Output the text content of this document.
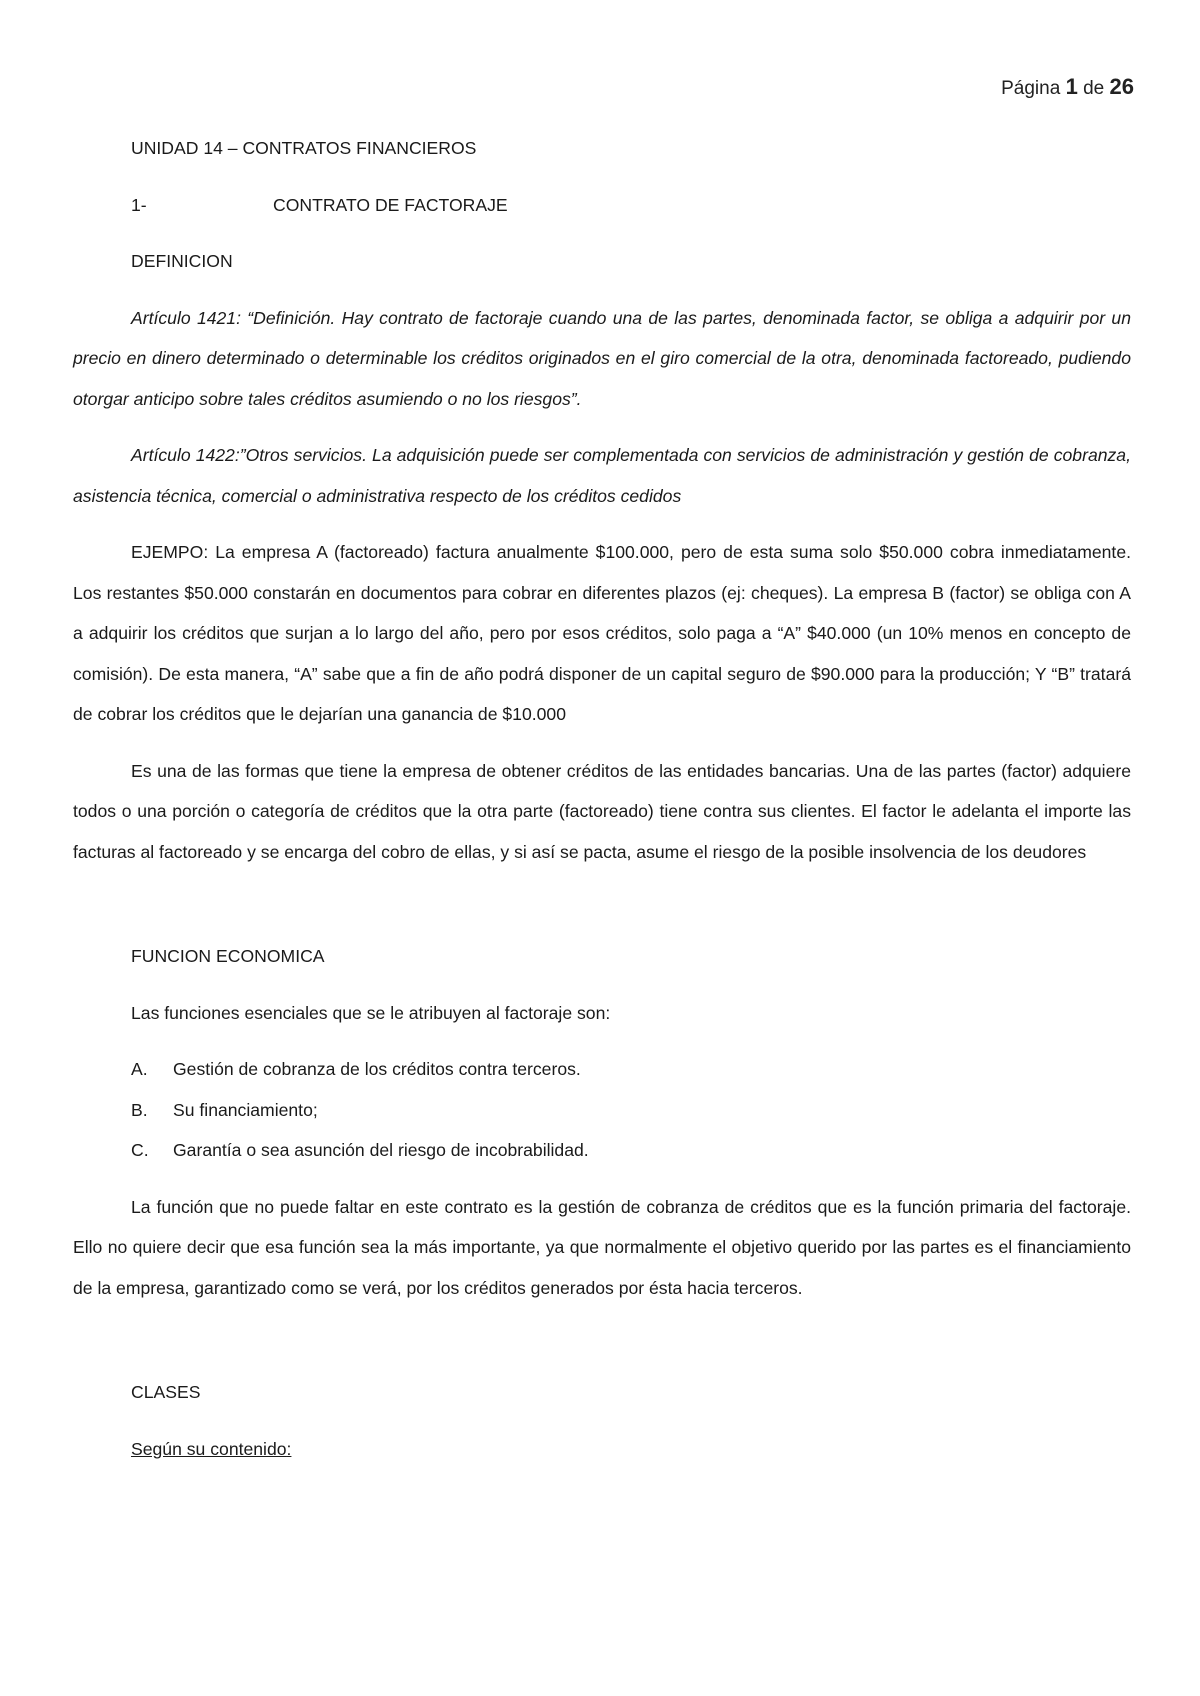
Página 1 de 26

UNIDAD 14 – CONTRATOS FINANCIEROS

1-	CONTRATO DE FACTORAJE

DEFINICION

Artículo 1421: “Definición. Hay contrato de factoraje cuando una de las partes, denominada factor, se obliga a adquirir por un precio en dinero determinado o determinable los créditos originados en el giro comercial de la otra, denominada factoreado, pudiendo otorgar anticipo sobre tales créditos asumiendo o no los riesgos”.

Artículo 1422:”Otros servicios. La adquisición puede ser complementada con servicios de administración y gestión de cobranza, asistencia técnica, comercial o administrativa respecto de los créditos cedidos

EJEMPO: La empresa A (factoreado) factura anualmente $100.000, pero de esta suma solo $50.000 cobra inmediatamente. Los restantes $50.000 constarán en documentos para cobrar en diferentes plazos (ej: cheques). La empresa B (factor) se obliga con A a adquirir los créditos que surjan a lo largo del año, pero por esos créditos, solo paga a “A” $40.000 (un 10% menos en concepto de comisión). De esta manera, “A” sabe que a fin de año podrá disponer de un capital seguro de $90.000 para la producción; Y “B” tratará de cobrar los créditos que le dejarían una ganancia de $10.000

Es una de las formas que tiene la empresa de obtener créditos de las entidades bancarias. Una de las partes (factor) adquiere todos o una porción o categoría de créditos que la otra parte (factoreado) tiene contra sus clientes. El factor le adelanta el importe las facturas al factoreado y se encarga del cobro de ellas, y si así se pacta, asume el riesgo de la posible insolvencia de los deudores

FUNCION ECONOMICA

Las funciones esenciales que se le atribuyen al factoraje son:

A.	Gestión de cobranza de los créditos contra terceros.
B.	Su financiamiento;
C.	Garantía o sea asunción del riesgo de incobrabilidad.

La función que no puede faltar en este contrato es la gestión de cobranza de créditos que es la función primaria del factoraje. Ello no quiere decir que esa función sea la más importante, ya que normalmente el objetivo querido por las partes es el financiamiento de la empresa, garantizado como se verá, por los créditos generados por ésta hacia terceros.

CLASES

Según su contenido:
